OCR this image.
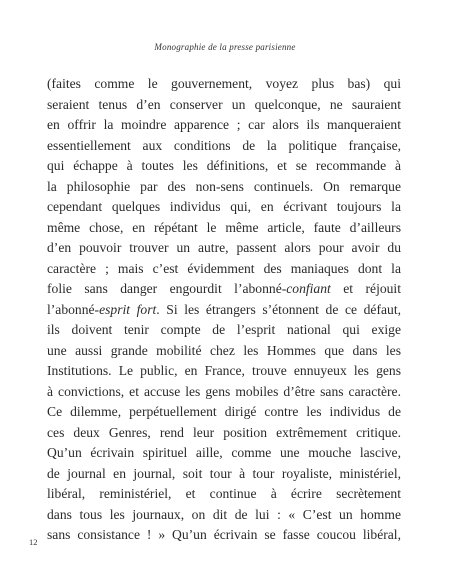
Monographie de la presse parisienne
(faites comme le gouvernement, voyez plus bas) qui
seraient tenus d’en conserver un quelconque, ne sauraient
en offrir la moindre apparence ; car alors ils manqueraient
essentiellement aux conditions de la politique française,
qui échappe à toutes les définitions, et se recommande à
la philosophie par des non-sens continuels. On remarque
cependant quelques individus qui, en écrivant toujours la
même chose, en répétant le même article, faute d’ailleurs
d’en pouvoir trouver un autre, passent alors pour avoir du
caractère ; mais c’est évidemment des maniaques dont la
folie sans danger engourdit l’abonné-confiant et réjouit
l’abonné-esprit fort. Si les étrangers s’étonnent de ce défaut,
ils doivent tenir compte de l’esprit national qui exige
une aussi grande mobilité chez les Hommes que dans les
Institutions. Le public, en France, trouve ennuyeux les gens
à convictions, et accuse les gens mobiles d’être sans caractère.
Ce dilemme, perpétuellement dirigé contre les individus de
ces deux Genres, rend leur position extrêmement critique.
Qu’un écrivain spirituel aille, comme une mouche lascive,
de journal en journal, soit tour à tour royaliste, ministériel,
libéral, reministériel, et continue à écrire secrètement
dans tous les journaux, on dit de lui : « C’est un homme
sans consistance ! » Qu’un écrivain se fasse coucou libéral,
12
